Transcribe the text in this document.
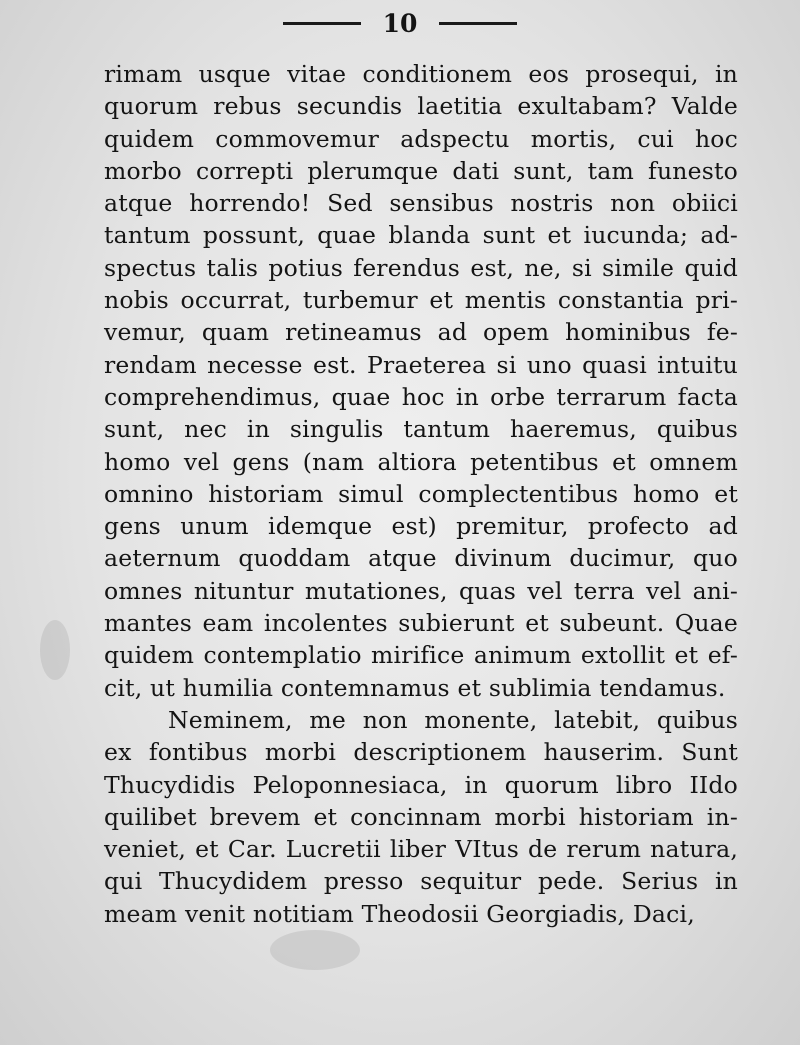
10
rimam usque vitae conditionem eos prosequi, in
quorum rebus secundis laetitia exultabam? Valde
quidem commovemur adspectu mortis, cui hoc
morbo correpti plerumque dati sunt, tam funesto
atque horrendo! Sed sensibus nostris non obiici
tantum possunt, quae blanda sunt et iucunda; ad-
spectus talis potius ferendus est, ne, si simile quid
nobis occurrat, turbemur et mentis constantia pri-
vemur, quam retineamus ad opem hominibus fe-
rendam necesse est. Praeterea si uno quasi intuitu
comprehendimus, quae hoc in orbe terrarum facta
sunt, nec in singulis tantum haeremus, quibus
homo vel gens (nam altiora petentibus et omnem
omnino historiam simul complectentibus homo et
gens unum idemque est) premitur, profecto ad
aeternum quoddam atque divinum ducimur, quo
omnes nituntur mutationes, quas vel terra vel ani-
mantes eam incolentes subierunt et subeunt. Quae
quidem contemplatio mirifice animum extollit et ef-
cit, ut humilia contemnamus et sublimia tendamus.
Neminem, me non monente, latebit, quibus
ex fontibus morbi descriptionem hauserim. Sunt
Thucydidis Peloponnesiaca, in quorum libro IIdo
quilibet brevem et concinnam morbi historiam in-
veniet, et Car. Lucretii liber VItus de rerum natura,
qui Thucydidem presso sequitur pede. Serius in
meam venit notitiam Theodosii Georgiadis, Daci,
